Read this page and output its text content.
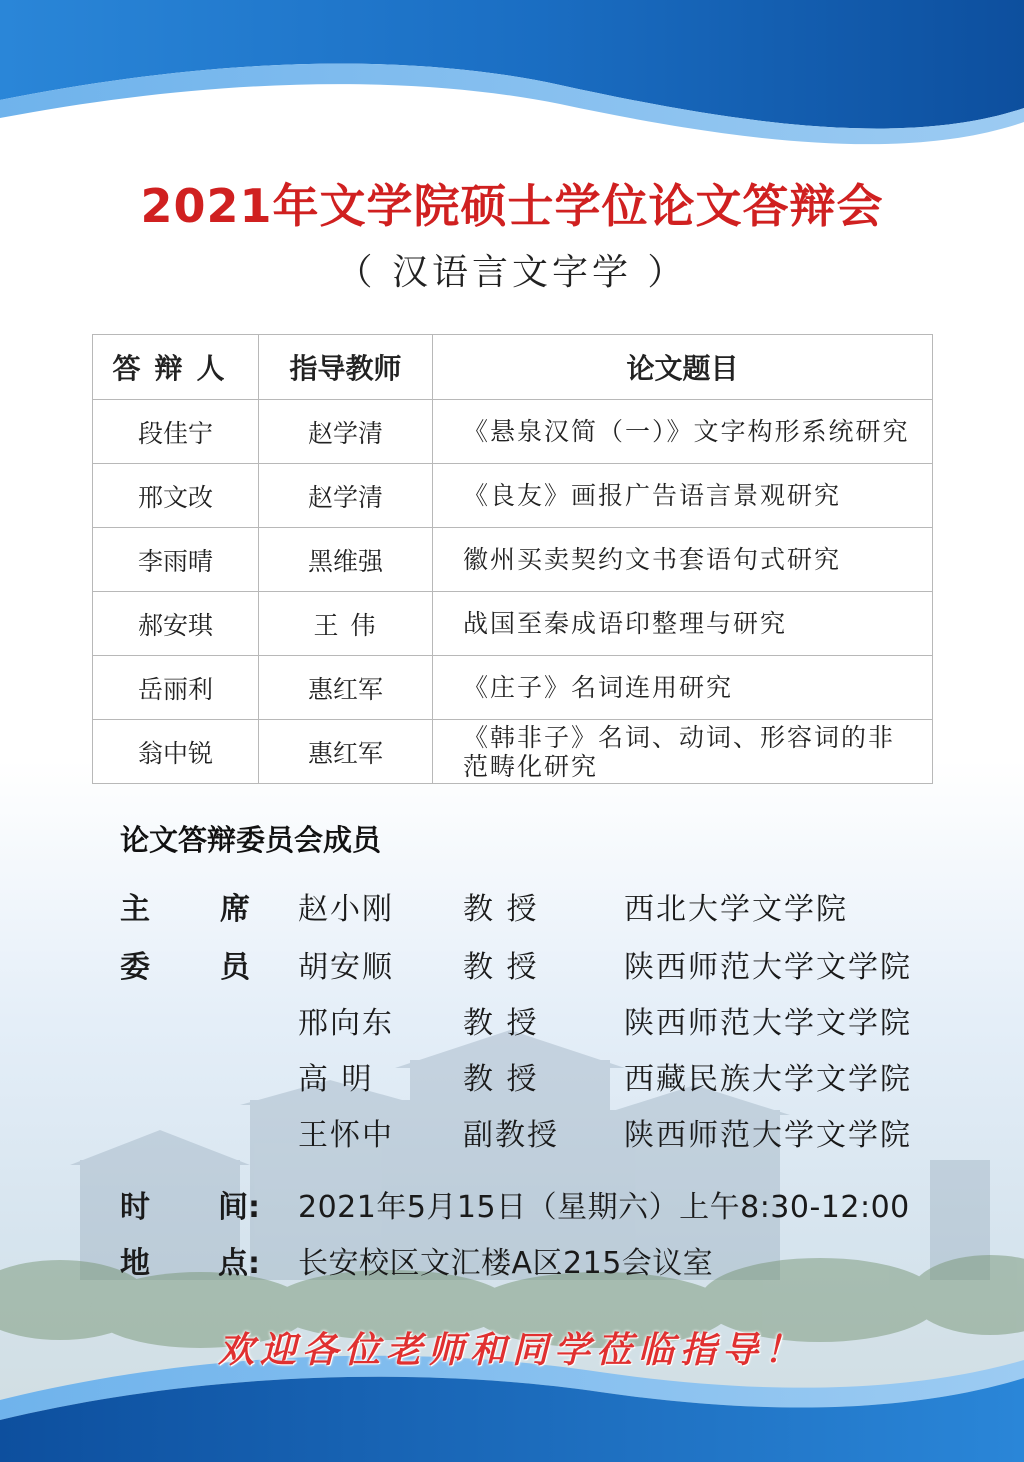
2021年文学院硕士学位论文答辩会
（ 汉语言文字学 ）
答辩人	指导教师	论文题目
段佳宁	赵学清	《悬泉汉简（一）》文字构形系统研究
邢文改	赵学清	《良友》画报广告语言景观研究
李雨晴	黑维强	徽州买卖契约文书套语句式研究
郝安琪	王 伟	战国至秦成语印整理与研究
岳丽利	惠红军	《庄子》名词连用研究
翁中锐	惠红军	《韩非子》名词、动词、形容词的非范畴化研究
论文答辩委员会成员
主 席 赵小刚 教 授	西北大学文学院
委 员 胡安顺 教 授	陕西师范大学文学院
邢向东 教 授	陕西师范大学文学院
高 明	教 授	西藏民族大学文学院
王怀中 副教授 陕西师范大学文学院
时 间: 2021年5月15日（星期六）上午8:30-12:00
地 点: 长安校区文汇楼A区215会议室
欢迎各位老师和同学莅临指导！
